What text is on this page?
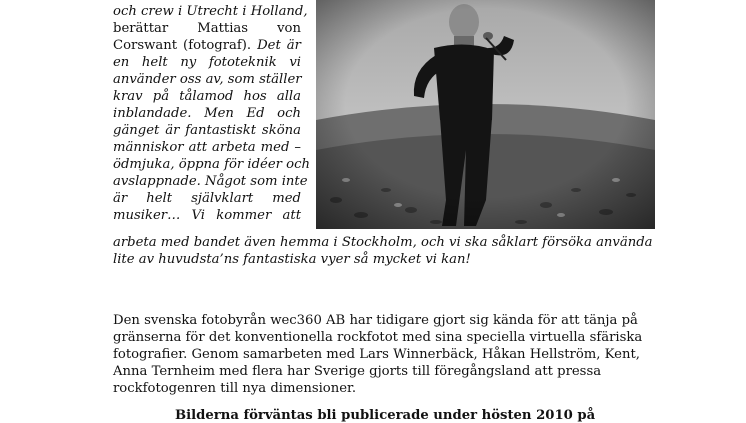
och crew i Utrecht i Holland,
berättar Mattias von
Corswant (fotograf). Det är
en helt ny fototeknik vi
använder oss av, som ställer
krav på tålamod hos alla
inblandade. Men Ed och
gänget är fantastiskt sköna
människor att arbeta med –
ödmjuka, öppna för idéer och
avslappnade. Något som inte
är helt självklart med
musiker… Vi kommer att
arbeta med bandet även hemma i Stockholm, och vi ska såklart försöka använda
lite av huvudsta’ns fantastiska vyer så mycket vi kan!
Den svenska fotobyrån wec360 AB har tidigare gjort sig kända för att tänja på
gränserna för det konventionella rockfotot med sina speciella virtuella sfäriska
fotografier. Genom samarbeten med Lars Winnerbäck, Håkan Hellström, Kent,
Anna Ternheim med flera har Sverige gjorts till föregångsland att pressa
rockfotogenren till nya dimensioner.
Bilderna förväntas bli publicerade under hösten 2010 på
